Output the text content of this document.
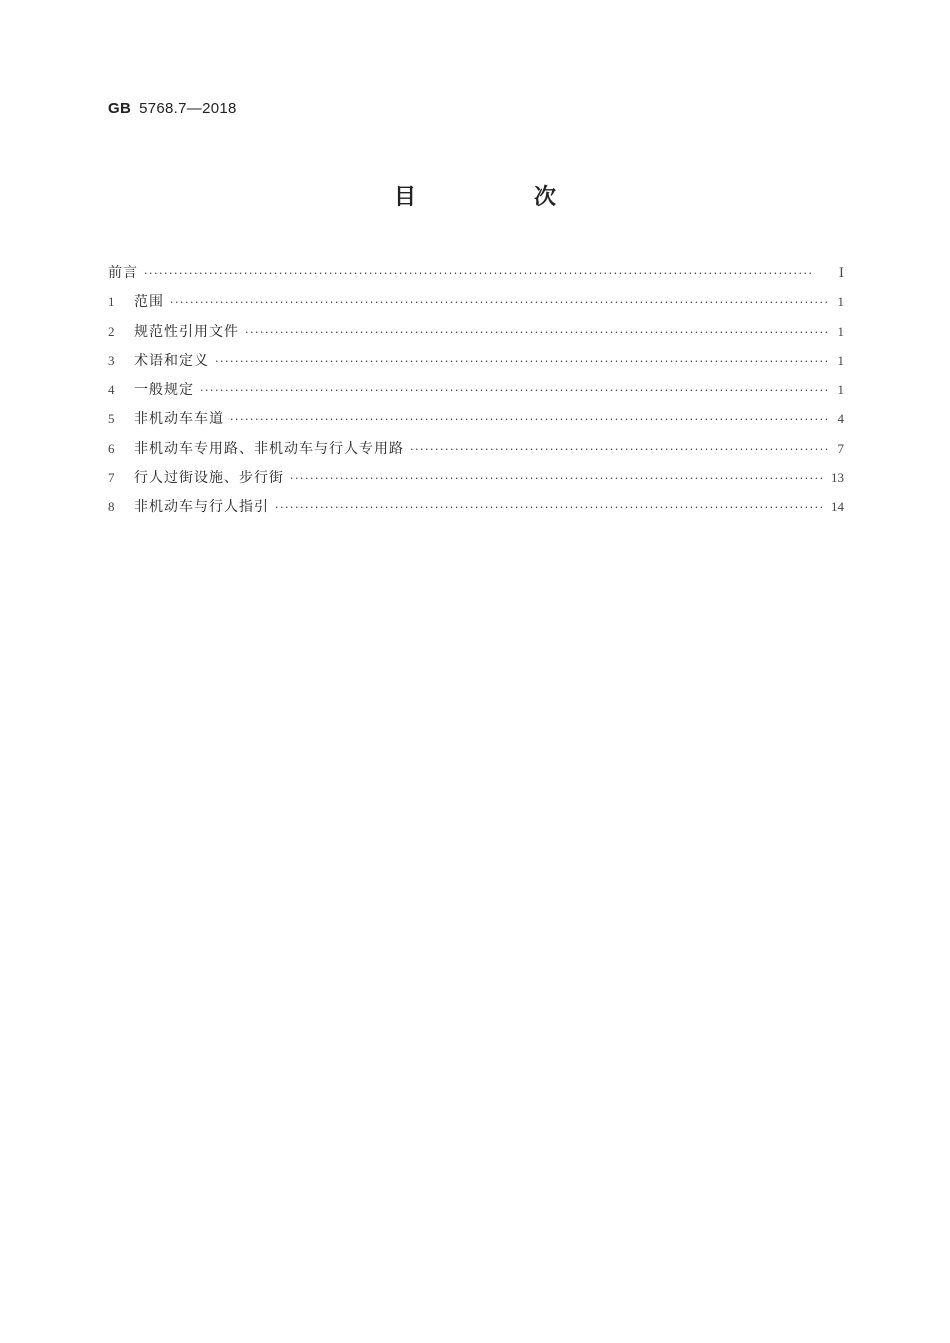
GB 5768.7—2018
目　次
前言 ·····	Ⅰ
1	范围 ·····	1
2	规范性引用文件 ·····	1
3	术语和定义 ·····	1
4	一般规定 ·····	1
5	非机动车车道 ·····	4
6	非机动车专用路、非机动车与行人专用路 ·····	7
7	行人过街设施、步行街 ·····	13
8	非机动车与行人指引 ·····	14
